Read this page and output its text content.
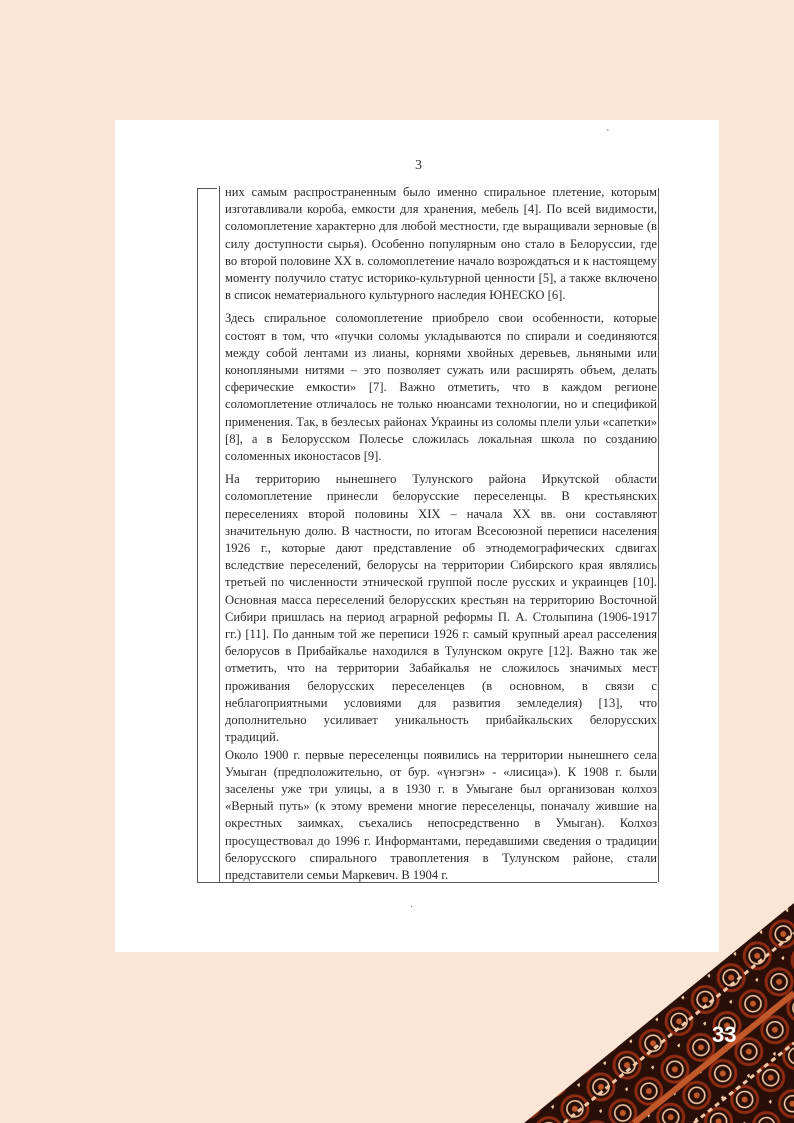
3

них самым распространенным было именно спиральное плетение, которым изготавливали короба, емкости для хранения, мебель [4]. По всей видимости, соломоплетение характерно для любой местности, где выращивали зерновые (в силу доступности сырья). Особенно популярным оно стало в Белоруссии, где во второй половине XX в. соломоплетение начало возрождаться и к настоящему моменту получило статус историко-культурной ценности [5], а также включено в список нематериального культурного наследия ЮНЕСКО [6].

Здесь спиральное соломоплетение приобрело свои особенности, которые состоят в том, что «пучки соломы укладываются по спирали и соединяются между собой лентами из лианы, корнями хвойных деревьев, льняными или конопляными нитями – это позволяет сужать или расширять объем, делать сферические емкости» [7]. Важно отметить, что в каждом регионе соломоплетение отличалось не только нюансами технологии, но и спецификой применения. Так, в безлесых районах Украины из соломы плели ульи «сапетки» [8], а в Белорусском Полесье сложилась локальная школа по созданию соломенных иконостасов [9].

На территорию нынешнего Тулунского района Иркутской области соломоплетение принесли белорусские переселенцы. В крестьянских переселениях второй половины XIX – начала XX вв. они составляют значительную долю. В частности, по итогам Всесоюзной переписи населения 1926 г., которые дают представление об этнодемографических сдвигах вследствие переселений, белорусы на территории Сибирского края являлись третьей по численности этнической группой после русских и украинцев [10]. Основная масса переселений белорусских крестьян на территорию Восточной Сибири пришлась на период аграрной реформы П. А. Столыпина (1906-1917 гг.) [11]. По данным той же переписи 1926 г. самый крупный ареал расселения белорусов в Прибайкалье находился в Тулунском округе [12]. Важно так же отметить, что на территории Забайкалья не сложилось значимых мест проживания белорусских переселенцев (в основном, в связи с неблагоприятными условиями для развития земледелия) [13], что дополнительно усиливает уникальность прибайкальских белорусских традиций.

Около 1900 г. первые переселенцы появились на территории нынешнего села Умыган (предположительно, от бур. «үнэгэн» - «лисица»). К 1908 г. были заселены уже три улицы, а в 1930 г. в Умыгане был организован колхоз «Верный путь» (к этому времени многие переселенцы, поначалу жившие на окрестных заимках, съехались непосредственно в Умыган). Колхоз просуществовал до 1996 г. Информантами, передавшими сведения о традиции белорусского спирального травоплетения в Тулунском районе, стали представители семьи Маркевич. В 1904 г.

'
·
33
